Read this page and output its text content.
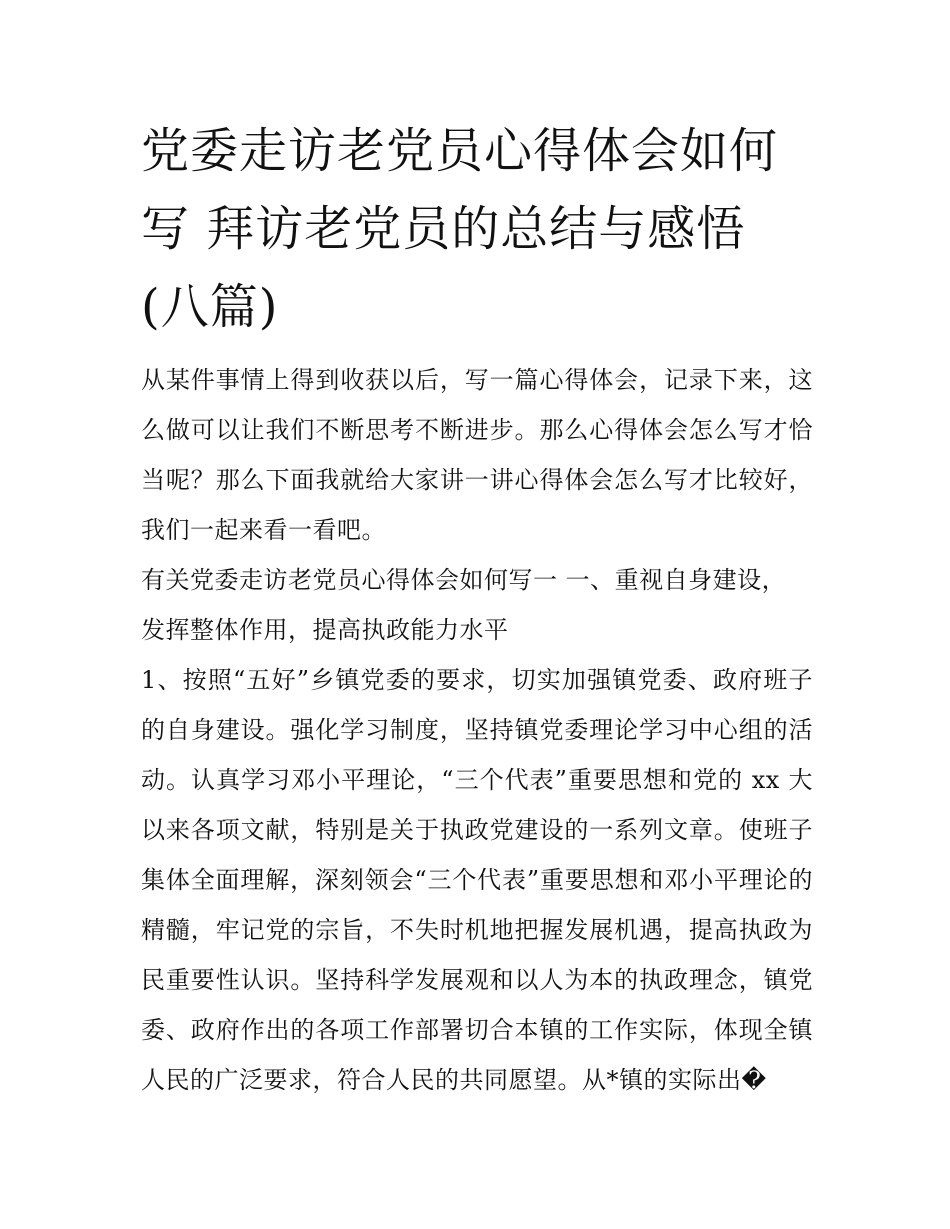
党委走访老党员心得体会如何
写 拜访老党员的总结与感悟
(八篇)
从某件事情上得到收获以后，写一篇心得体会，记录下来，这
么做可以让我们不断思考不断进步。那么心得体会怎么写才恰
当呢？那么下面我就给大家讲一讲心得体会怎么写才比较好，
我们一起来看一看吧。
有关党委走访老党员心得体会如何写一 一、重视自身建设，
发挥整体作用，提高执政能力水平
1、按照“五好”乡镇党委的要求，切实加强镇党委、政府班子
的自身建设。强化学习制度，坚持镇党委理论学习中心组的活
动。认真学习邓小平理论，“三个代表”重要思想和党的 xx 大
以来各项文献，特别是关于执政党建设的一系列文章。使班子
集体全面理解，深刻领会“三个代表”重要思想和邓小平理论的
精髓，牢记党的宗旨，不失时机地把握发展机遇，提高执政为
民重要性认识。坚持科学发展观和以人为本的执政理念，镇党
委、政府作出的各项工作部署切合本镇的工作实际，体现全镇
人民的广泛要求，符合人民的共同愿望。从*镇的实际出�
